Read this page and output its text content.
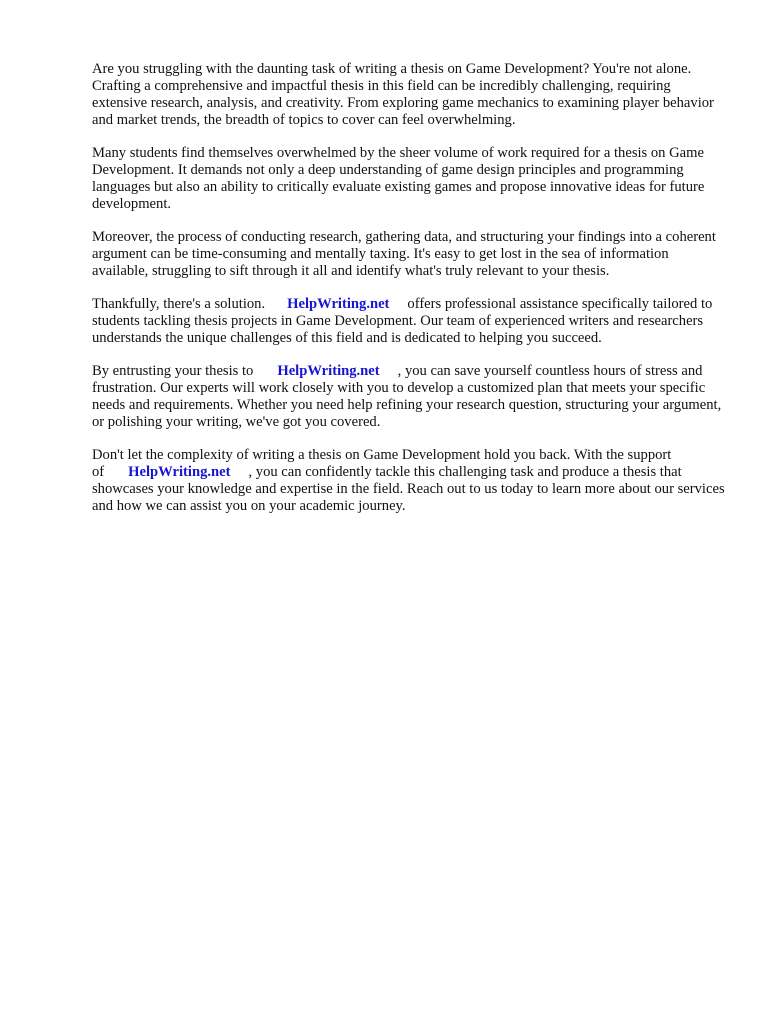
Are you struggling with the daunting task of writing a thesis on Game Development? You're not alone. Crafting a comprehensive and impactful thesis in this field can be incredibly challenging, requiring extensive research, analysis, and creativity. From exploring game mechanics to examining player behavior and market trends, the breadth of topics to cover can feel overwhelming.

Many students find themselves overwhelmed by the sheer volume of work required for a thesis on Game Development. It demands not only a deep understanding of game design principles and programming languages but also an ability to critically evaluate existing games and propose innovative ideas for future development.

Moreover, the process of conducting research, gathering data, and structuring your findings into a coherent argument can be time-consuming and mentally taxing. It's easy to get lost in the sea of information available, struggling to sift through it all and identify what's truly relevant to your thesis.

Thankfully, there's a solution. HelpWriting.net offers professional assistance specifically tailored to students tackling thesis projects in Game Development. Our team of experienced writers and researchers understands the unique challenges of this field and is dedicated to helping you succeed.

By entrusting your thesis to HelpWriting.net , you can save yourself countless hours of stress and frustration. Our experts will work closely with you to develop a customized plan that meets your specific needs and requirements. Whether you need help refining your research question, structuring your argument, or polishing your writing, we've got you covered.

Don't let the complexity of writing a thesis on Game Development hold you back. With the support of HelpWriting.net , you can confidently tackle this challenging task and produce a thesis that showcases your knowledge and expertise in the field. Reach out to us today to learn more about our services and how we can assist you on your academic journey.
